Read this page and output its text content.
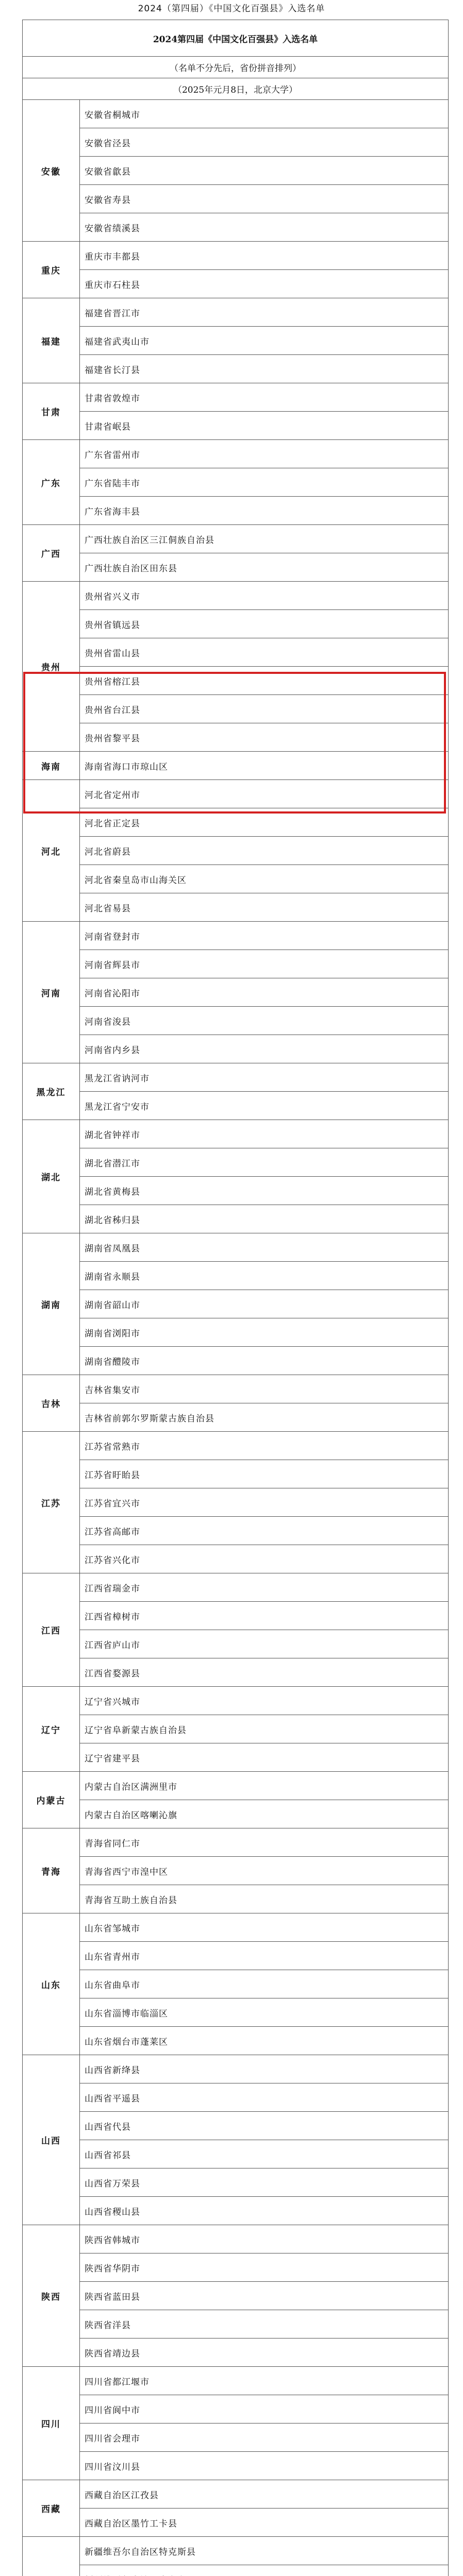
2024（第四届）《中国文化百强县》入选名单
2024第四届《中国文化百强县》入选名单	
（名单不分先后，省份拼音排列）	
（2025年元月8日，北京大学）	
安徽	安徽省桐城市
	安徽省泾县
	安徽省歙县
	安徽省寿县
	安徽省绩溪县
重庆	重庆市丰都县
	重庆市石柱县
福建	福建省晋江市
	福建省武夷山市
	福建省长汀县
甘肃	甘肃省敦煌市
	甘肃省岷县
广东	广东省雷州市
	广东省陆丰市
	广东省海丰县
广西	广西壮族自治区三江侗族自治县
	广西壮族自治区田东县
贵州	贵州省兴义市
	贵州省镇远县
	贵州省雷山县
	贵州省榕江县
	贵州省台江县
	贵州省黎平县
海南	海南省海口市琼山区
河北	河北省定州市
	河北省正定县
	河北省蔚县
	河北省秦皇岛市山海关区
	河北省易县
河南	河南省登封市
	河南省辉县市
	河南省沁阳市
	河南省浚县
	河南省内乡县
黑龙江	黑龙江省讷河市
	黑龙江省宁安市
湖北	湖北省钟祥市
	湖北省潜江市
	湖北省黄梅县
	湖北省秭归县
湖南	湖南省凤凰县
	湖南省永顺县
	湖南省韶山市
	湖南省浏阳市
	湖南省醴陵市
吉林	吉林省集安市
	吉林省前郭尔罗斯蒙古族自治县
江苏	江苏省常熟市
	江苏省盱眙县
	江苏省宜兴市
	江苏省高邮市
	江苏省兴化市
江西	江西省瑞金市
	江西省樟树市
	江西省庐山市
	江西省婺源县
辽宁	辽宁省兴城市
	辽宁省阜新蒙古族自治县
	辽宁省建平县
内蒙古	内蒙古自治区满洲里市
	内蒙古自治区喀喇沁旗
青海	青海省同仁市
	青海省西宁市湟中区
	青海省互助土族自治县
山东	山东省邹城市
	山东省青州市
	山东省曲阜市
	山东省淄博市临淄区
	山东省烟台市蓬莱区
山西	山西省新绛县
	山西省平遥县
	山西省代县
	山西省祁县
	山西省万荣县
	山西省稷山县
陕西	陕西省韩城市
	陕西省华阴市
	陕西省蓝田县
	陕西省洋县
	陕西省靖边县
四川	四川省都江堰市
	四川省阆中市
	四川省会理市
	四川省汶川县
西藏	西藏自治区江孜县
	西藏自治区墨竹工卡县
	新疆维吾尔自治区特克斯县
